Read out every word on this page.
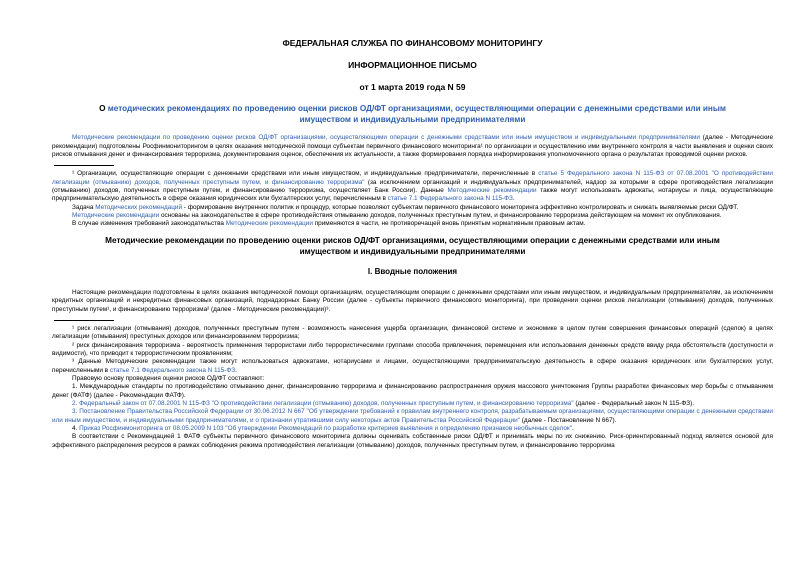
ФЕДЕРАЛЬНАЯ СЛУЖБА ПО ФИНАНСОВОМУ МОНИТОРИНГУ
ИНФОРМАЦИОННОЕ ПИСЬМО
от 1 марта 2019 года N 59
О методических рекомендациях по проведению оценки рисков ОД/ФТ организациями, осуществляющими операции с денежными средствами или иным имуществом и индивидуальными предпринимателями

Методические рекомендации по проведению оценки рисков ОД/ФТ организациями, осуществляющими операции с денежными средствами или иным имуществом и индивидуальными предпринимателями (далее - Методические рекомендации) подготовлены Росфинмониторингом в целях оказания методической помощи субъектам первичного финансового мониторинга¹ по организации и осуществлению ими внутреннего контроля в части выявления и оценки своих рисков отмывания денег и финансирования терроризма, документирования оценок, обеспечения их актуальности, а также формирования порядка информирования уполномоченного органа о результатах проводимой оценки рисков.

¹ Организации, осуществляющие операции с денежными средствами или иным имуществом, и индивидуальные предприниматели, перечисленные в статье 5 Федерального закона N 115-ФЗ от 07.08.2001 "О противодействии легализации (отмыванию) доходов, полученных преступным путем, и финансированию терроризма" (за исключением организаций и индивидуальных предпринимателей, надзор за которыми в сфере противодействия легализации (отмыванию) доходов, полученных преступным путем, и финансированию терроризма, осуществляет Банк России). Данные Методические рекомендации также могут использовать адвокаты, нотариусы и лица, осуществляющие предпринимательскую деятельность в сфере оказания юридических или бухгалтерских услуг, перечисленным в статье 7.1 Федерального закона N 115-ФЗ.

Задача Методических рекомендаций - формирование внутренних политик и процедур, которые позволяют субъектам первичного финансового мониторинга эффективно контролировать и снижать выявляемые риски ОД/ФТ.

Методические рекомендации основаны на законодательстве в сфере противодействия отмыванию доходов, полученных преступным путем, и финансированию терроризма действующем на момент их опубликования.

В случае изменения требований законодательства Методические рекомендации применяются в части, не противоречащей вновь принятым нормативным правовым актам.

Методические рекомендации по проведению оценки рисков ОД/ФТ организациями, осуществляющими операции с денежными средствами или иным имуществом и индивидуальными предпринимателями
I. Вводные положения

Настоящие рекомендации подготовлены в целях оказания методической помощи организациям, осуществляющим операции с денежными средствами или иным имуществом, и индивидуальным предпринимателям, за исключением кредитных организаций и некредитных финансовых организаций, поднадзорных Банку России (далее - субъекты первичного финансового мониторинга), при проведении оценки рисков легализации (отмывания) доходов, полученных преступным путем¹, и финансированию терроризма² (далее - Методические рекомендации)³.

¹ риск легализации (отмывания) доходов, полученных преступным путем - возможность нанесения ущерба организации, финансовой системе и экономике в целом путем совершения финансовых операций (сделок) в целях легализации (отмывания) преступных доходов или финансированием терроризма;

² риск финансирования терроризма - вероятность применения террористами либо террористическими группами способа привлечения, перемещения или использования денежных средств ввиду ряда обстоятельств (доступности и видимости), что приводит к террористическим проявлениям;

³ Данные Методические рекомендации также могут использоваться адвокатами, нотариусами и лицами, осуществляющими предпринимательскую деятельность в сфере оказания юридических или бухгалтерских услуг, перечисленными в статье 7.1 Федерального закона N 115-ФЗ.

Правовую основу проведения оценки рисков ОД/ФТ составляют:

1. Международные стандарты по противодействию отмыванию денег, финансированию терроризма и финансированию распространения оружия массового уничтожения Группы разработки финансовых мер борьбы с отмыванием денег (ФАТФ) (далее - Рекомендации ФАТФ).

2. Федеральный закон от 07.08.2001 N 115-ФЗ "О противодействии легализации (отмыванию) доходов, полученных преступным путем, и финансированию терроризма" (далее - Федеральный закон N 115-ФЗ).

3. Постановление Правительства Российской Федерации от 30.06.2012 N 667 "Об утверждении требований к правилам внутреннего контроля, разрабатываемым организациями, осуществляющими операции с денежными средствами или иным имуществом, и индивидуальными предпринимателями, и о признании утратившими силу некоторых актов Правительства Российской Федерации" (далее - Постановление N 667).

4. Приказ Росфинмониторинга от 08.05.2009 N 103 "Об утверждении Рекомендаций по разработке критериев выявления и определению признаков необычных сделок".

В соответствии с Рекомендацией 1 ФАТФ субъекты первичного финансового мониторинга должны оценивать собственные риски ОД/ФТ и принимать меры по их снижению. Риск-ориентированный подход является основой для эффективного распределения ресурсов в рамках соблюдения режима противодействия легализации (отмыванию) доходов, полученных преступным путем, и финансированию терроризма
